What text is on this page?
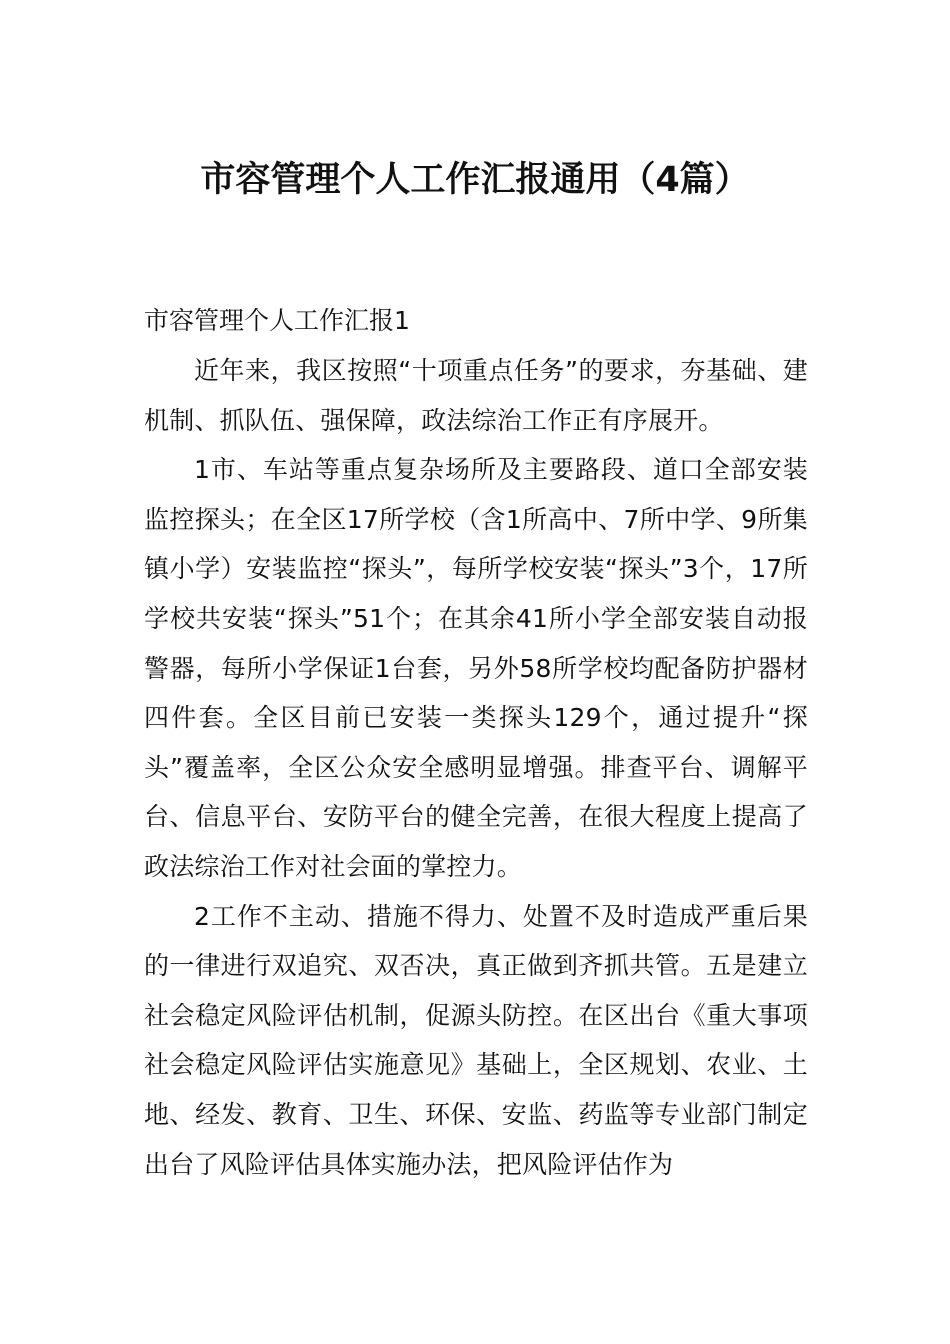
市容管理个人工作汇报通用（4篇）

市容管理个人工作汇报1

近年来，我区按照“十项重点任务”的要求，夯基础、建机制、抓队伍、强保障，政法综治工作正有序展开。

1市、车站等重点复杂场所及主要路段、道口全部安装监控探头；在全区17所学校（含1所高中、7所中学、9所集镇小学）安装监控“探头”，每所学校安装“探头”3个，17所学校共安装“探头”51个；在其余41所小学全部安装自动报警器，每所小学保证1台套，另外58所学校均配备防护器材四件套。全区目前已安装一类探头129个，通过提升“探头”覆盖率，全区公众安全感明显增强。排查平台、调解平台、信息平台、安防平台的健全完善，在很大程度上提高了政法综治工作对社会面的掌控力。

2工作不主动、措施不得力、处置不及时造成严重后果的一律进行双追究、双否决，真正做到齐抓共管。五是建立社会稳定风险评估机制，促源头防控。在区出台《重大事项社会稳定风险评估实施意见》基础上，全区规划、农业、土地、经发、教育、卫生、环保、安监、药监等专业部门制定出台了风险评估具体实施办法，把风险评估作为
